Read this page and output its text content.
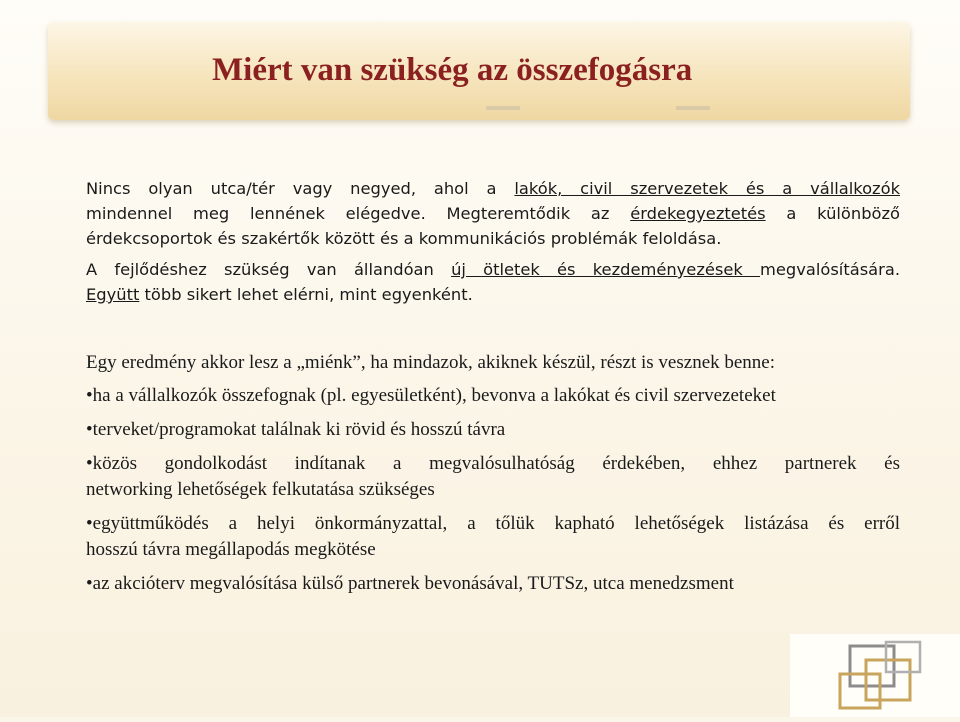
Miért van szükség az összefogásra
Nincs olyan utca/tér vagy negyed, ahol a lakók, civil szervezetek és a vállalkozók
mindennel meg lennének elégedve. Megteremtődik az érdekegyeztetés a különböző
érdekcsoportok és szakértők között és a kommunikációs problémák feloldása.
A fejlődéshez szükség van állandóan új ötletek és kezdeményezések megvalósítására.
Együtt több sikert lehet elérni, mint egyenként.
Egy eredmény akkor lesz a „miénk”, ha mindazok, akiknek készül, részt is vesznek benne:
•ha a vállalkozók összefognak (pl. egyesületként), bevonva a lakókat és civil szervezeteket
•terveket/programokat találnak ki rövid és hosszú távra
•közös gondolkodást indítanak a megvalósulhatóság érdekében, ehhez partnerek és
networking lehetőségek felkutatása szükséges
•együttműködés a helyi önkormányzattal, a tőlük kapható lehetőségek listázása és erről
hosszú távra megállapodás megkötése
•az akcióterv megvalósítása külső partnerek bevonásával, TUTSz, utca menedzsment
